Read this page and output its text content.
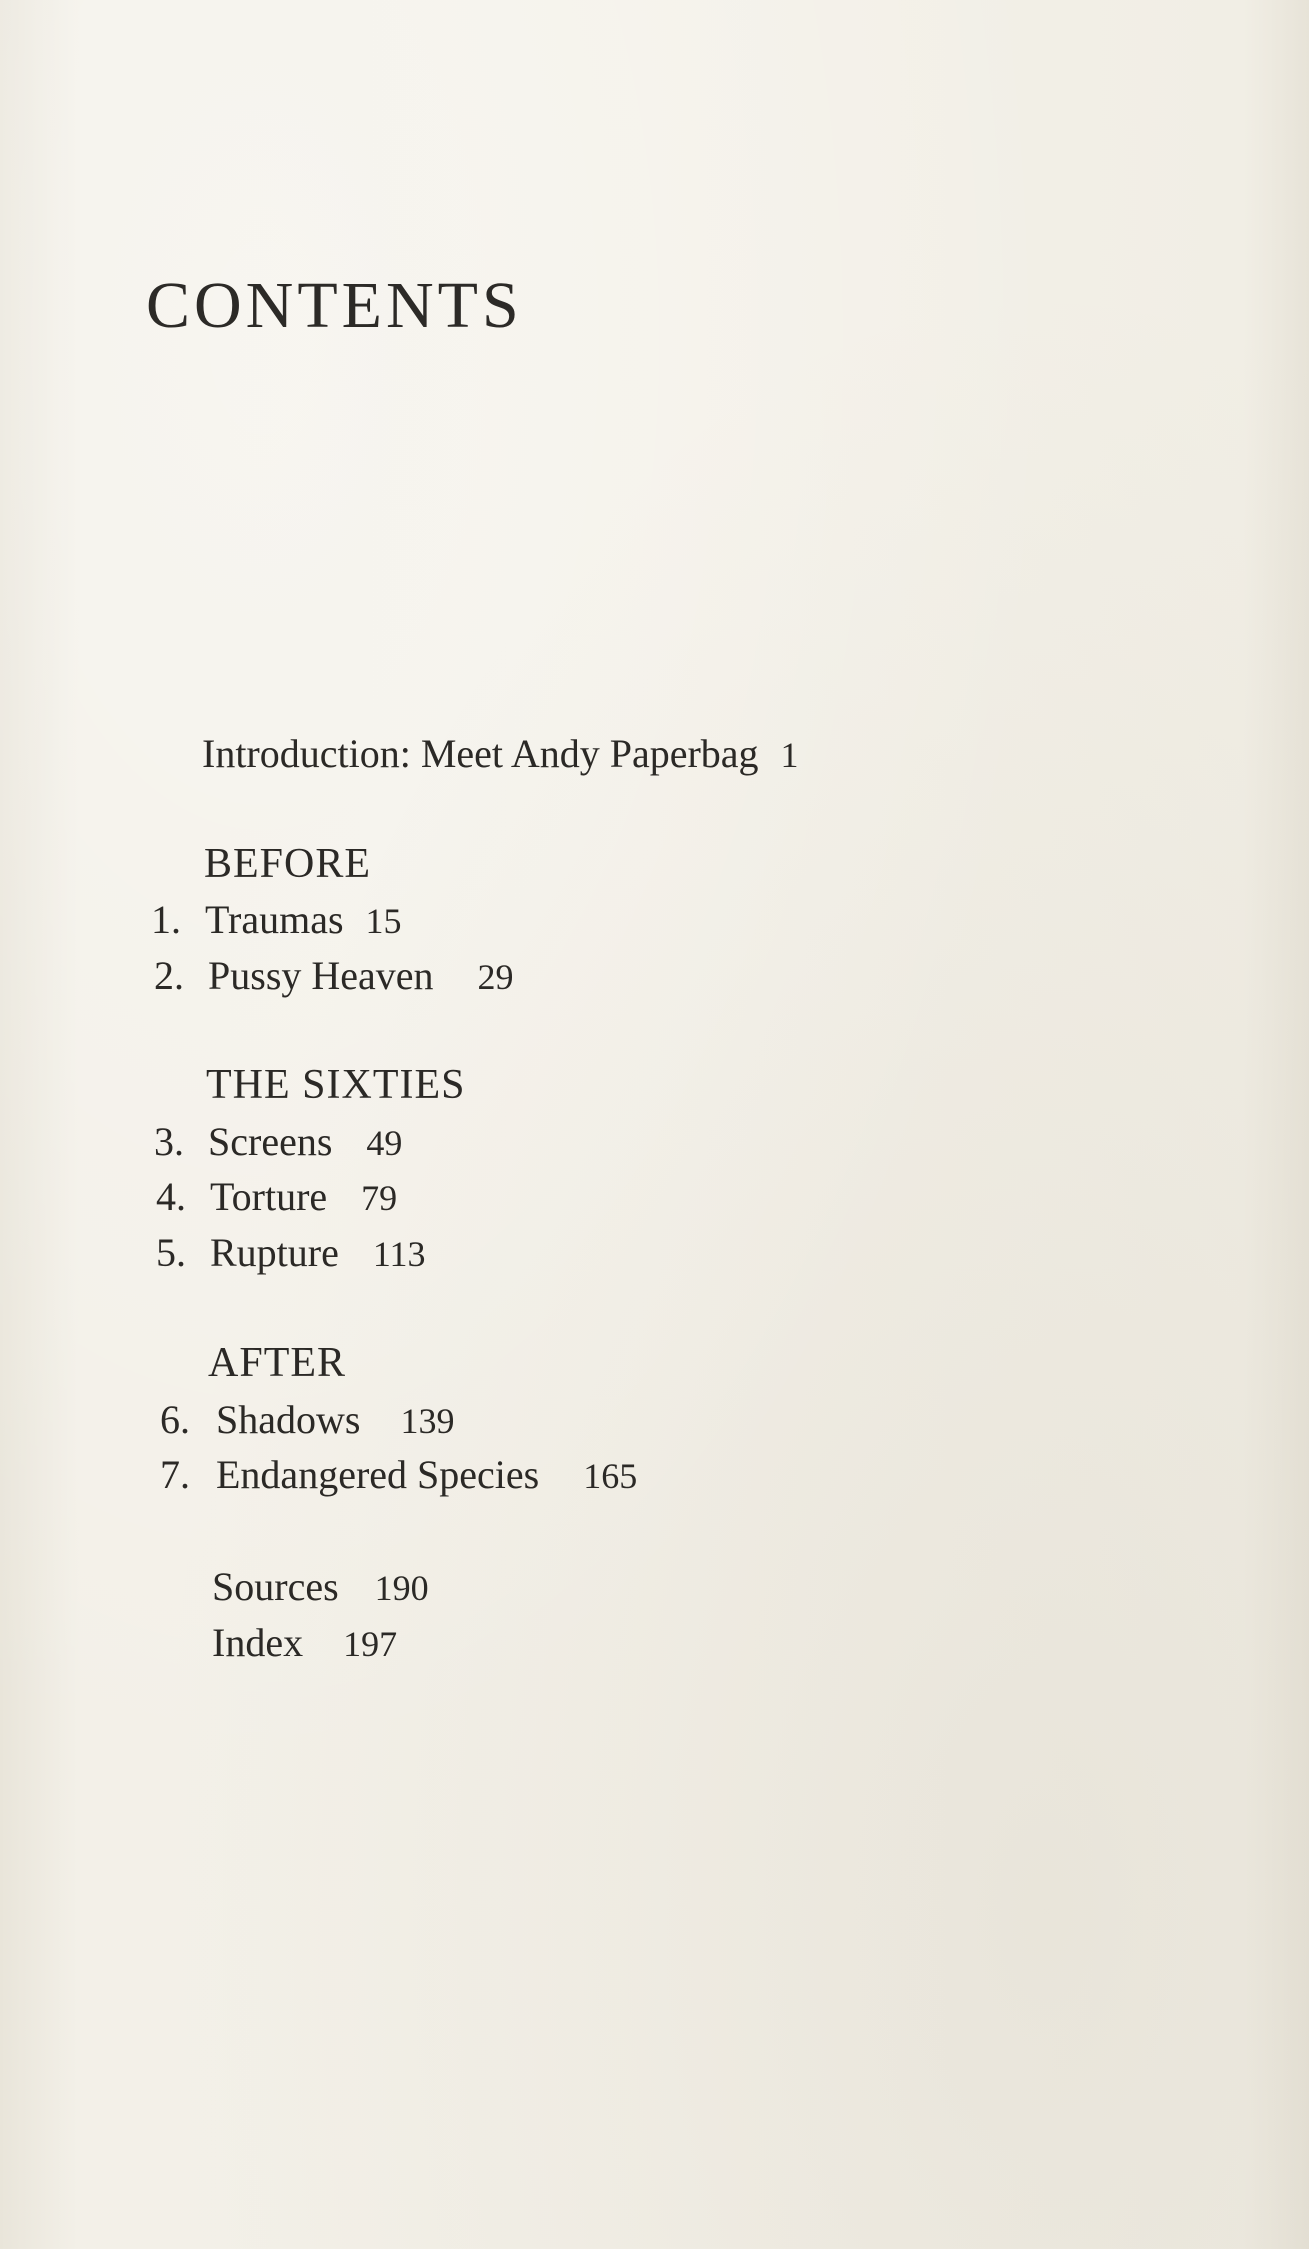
CONTENTS
Introduction: Meet Andy Paperbag 1
BEFORE
1. Traumas 15
2. Pussy Heaven 29
THE SIXTIES
3. Screens 49
4. Torture 79
5. Rupture 113
AFTER
6. Shadows 139
7. Endangered Species 165
Sources 190
Index 197
